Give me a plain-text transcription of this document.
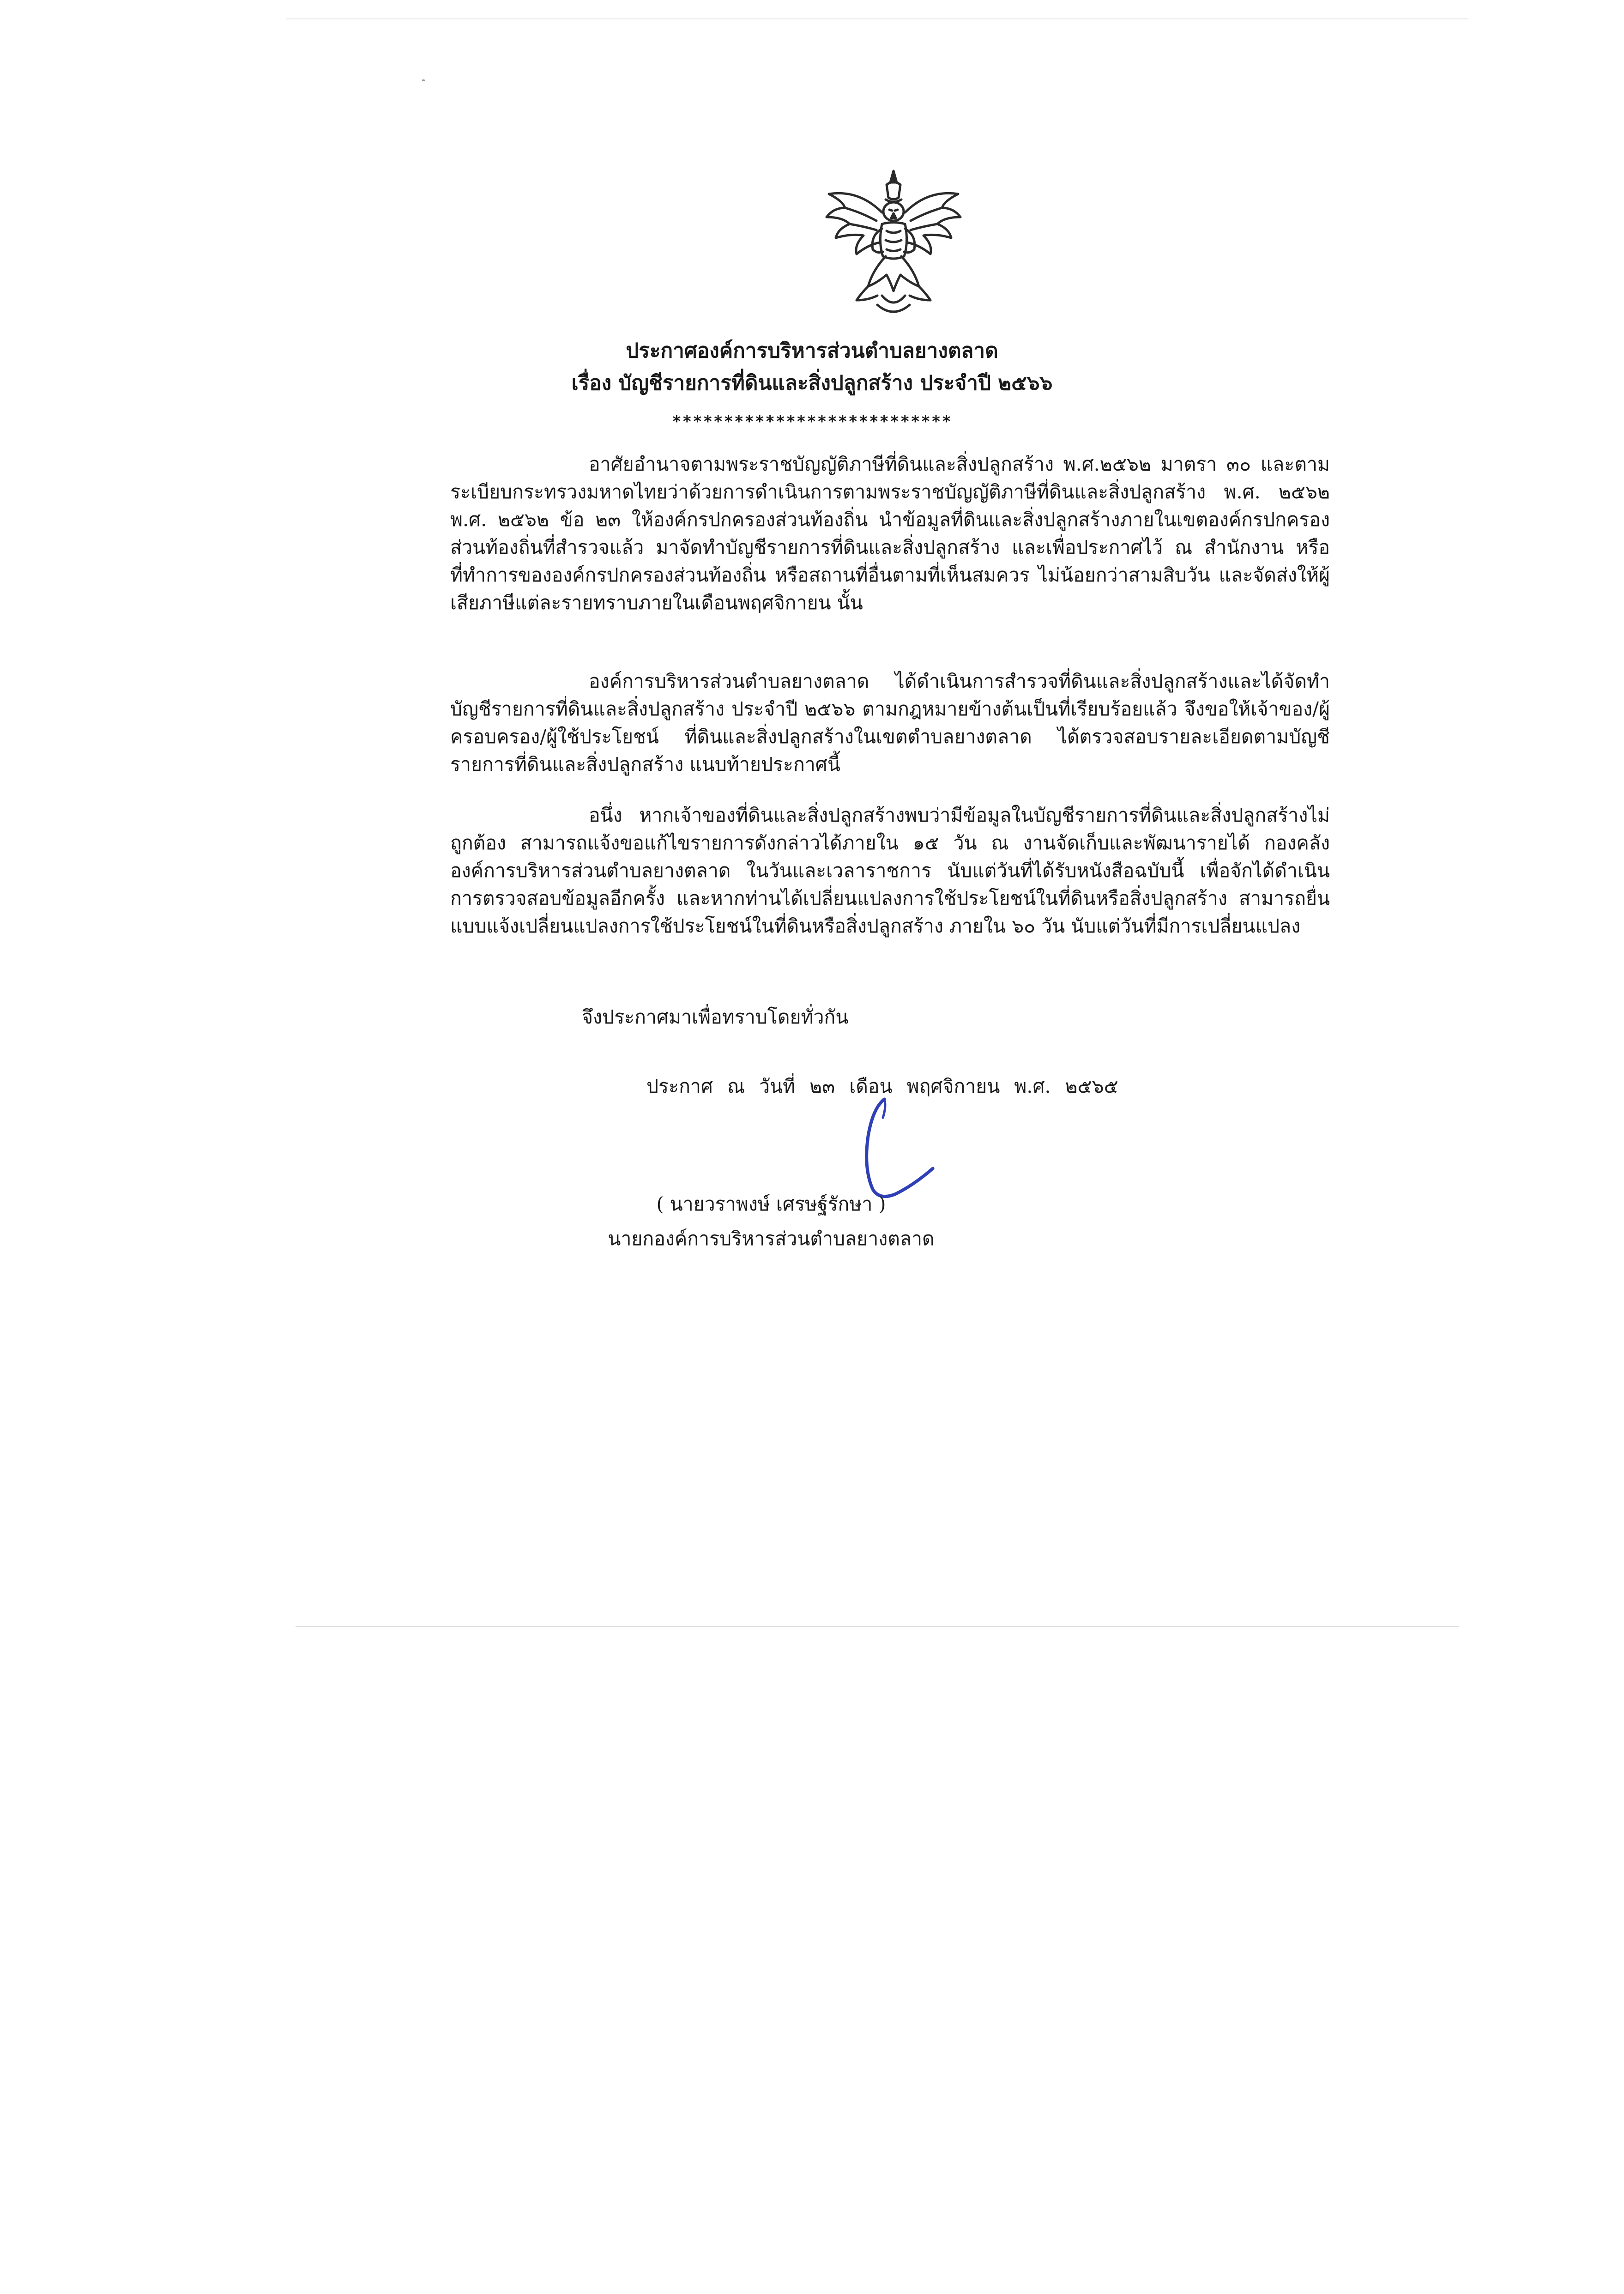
ประกาศองค์การบริหารส่วนตำบลยางตลาด
เรื่อง บัญชีรายการที่ดินและสิ่งปลูกสร้าง ประจำปี ๒๕๖๖
***************************

อาศัยอำนาจตามพระราชบัญญัติภาษีที่ดินและสิ่งปลูกสร้าง พ.ศ.๒๕๖๒ มาตรา ๓๐ และตามระเบียบกระทรวงมหาดไทยว่าด้วยการดำเนินการตามพระราชบัญญัติภาษีที่ดินและสิ่งปลูกสร้าง พ.ศ. ๒๕๖๒ พ.ศ. ๒๕๖๒ ข้อ ๒๓ ให้องค์กรปกครองส่วนท้องถิ่น นำข้อมูลที่ดินและสิ่งปลูกสร้างภายในเขตองค์กรปกครองส่วนท้องถิ่นที่สำรวจแล้ว มาจัดทำบัญชีรายการที่ดินและสิ่งปลูกสร้าง และเพื่อประกาศไว้ ณ สำนักงาน หรือที่ทำการขององค์กรปกครองส่วนท้องถิ่น หรือสถานที่อื่นตามที่เห็นสมควร ไม่น้อยกว่าสามสิบวัน และจัดส่งให้ผู้เสียภาษีแต่ละรายทราบภายในเดือนพฤศจิกายน นั้น

องค์การบริหารส่วนตำบลยางตลาด ได้ดำเนินการสำรวจที่ดินและสิ่งปลูกสร้างและได้จัดทำบัญชีรายการที่ดินและสิ่งปลูกสร้าง ประจำปี ๒๕๖๖ ตามกฎหมายข้างต้นเป็นที่เรียบร้อยแล้ว จึงขอให้เจ้าของ/ผู้ครอบครอง/ผู้ใช้ประโยชน์ ที่ดินและสิ่งปลูกสร้างในเขตตำบลยางตลาด ได้ตรวจสอบรายละเอียดตามบัญชีรายการที่ดินและสิ่งปลูกสร้าง แนบท้ายประกาศนี้

อนึ่ง หากเจ้าของที่ดินและสิ่งปลูกสร้างพบว่ามีข้อมูลในบัญชีรายการที่ดินและสิ่งปลูกสร้างไม่ถูกต้อง สามารถแจ้งขอแก้ไขรายการดังกล่าวได้ภายใน ๑๕ วัน ณ งานจัดเก็บและพัฒนารายได้ กองคลัง องค์การบริหารส่วนตำบลยางตลาด ในวันและเวลาราชการ นับแต่วันที่ได้รับหนังสือฉบับนี้ เพื่อจักได้ดำเนินการตรวจสอบข้อมูลอีกครั้ง และหากท่านได้เปลี่ยนแปลงการใช้ประโยชน์ในที่ดินหรือสิ่งปลูกสร้าง สามารถยื่นแบบแจ้งเปลี่ยนแปลงการใช้ประโยชน์ในที่ดินหรือสิ่งปลูกสร้าง ภายใน ๖๐ วัน นับแต่วันที่มีการเปลี่ยนแปลง

จึงประกาศมาเพื่อทราบโดยทั่วกัน
ประกาศ ณ วันที่ ๒๓ เดือน พฤศจิกายน พ.ศ. ๒๕๖๕
( นายวราพงษ์ เศรษฐ์รักษา )
นายกองค์การบริหารส่วนตำบลยางตลาด
